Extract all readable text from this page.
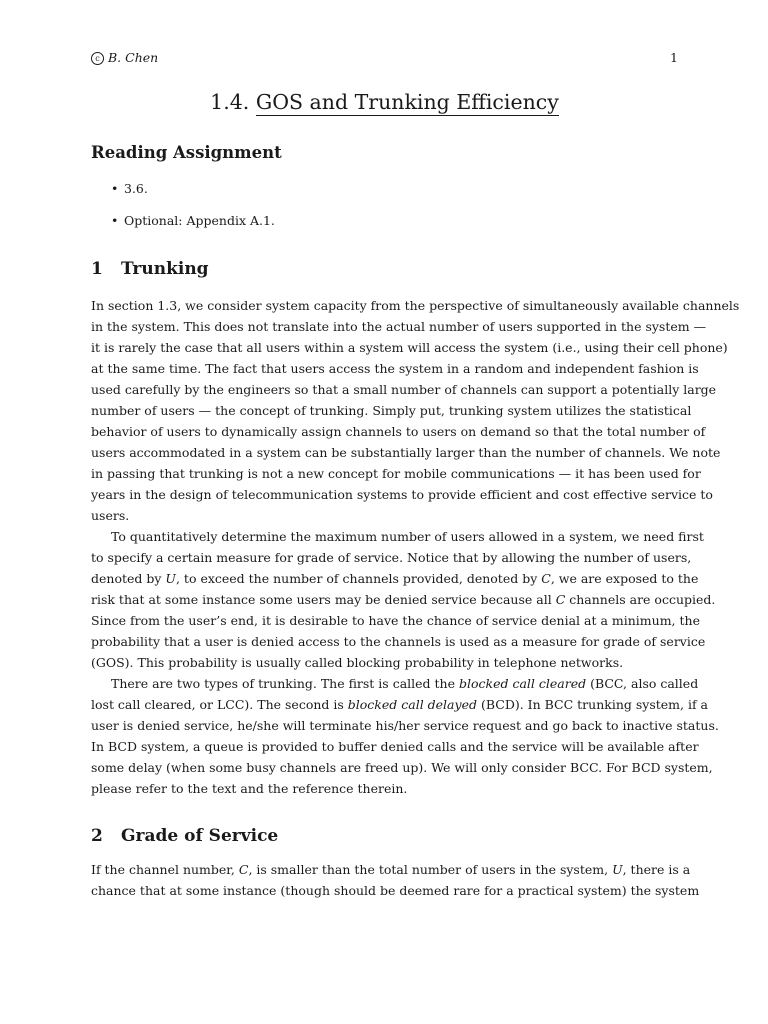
c B. Chen	1
1.4. GOS and Trunking Efficiency
Reading Assignment
• 3.6.
• Optional: Appendix A.1.
1 Trunking
In section 1.3, we consider system capacity from the perspective of simultaneously available channels
in the system. This does not translate into the actual number of users supported in the system —
it is rarely the case that all users within a system will access the system (i.e., using their cell phone)
at the same time. The fact that users access the system in a random and independent fashion is
used carefully by the engineers so that a small number of channels can support a potentially large
number of users — the concept of trunking. Simply put, trunking system utilizes the statistical
behavior of users to dynamically assign channels to users on demand so that the total number of
users accommodated in a system can be substantially larger than the number of channels. We note
in passing that trunking is not a new concept for mobile communications — it has been used for
years in the design of telecommunication systems to provide efficient and cost effective service to
users.
To quantitatively determine the maximum number of users allowed in a system, we need first
to specify a certain measure for grade of service. Notice that by allowing the number of users,
denoted by U, to exceed the number of channels provided, denoted by C, we are exposed to the
risk that at some instance some users may be denied service because all C channels are occupied.
Since from the user’s end, it is desirable to have the chance of service denial at a minimum, the
probability that a user is denied access to the channels is used as a measure for grade of service
(GOS). This probability is usually called blocking probability in telephone networks.
There are two types of trunking. The first is called the blocked call cleared (BCC, also called
lost call cleared, or LCC). The second is blocked call delayed (BCD). In BCC trunking system, if a
user is denied service, he/she will terminate his/her service request and go back to inactive status.
In BCD system, a queue is provided to buffer denied calls and the service will be available after
some delay (when some busy channels are freed up). We will only consider BCC. For BCD system,
please refer to the text and the reference therein.
2 Grade of Service
If the channel number, C, is smaller than the total number of users in the system, U, there is a
chance that at some instance (though should be deemed rare for a practical system) the system
